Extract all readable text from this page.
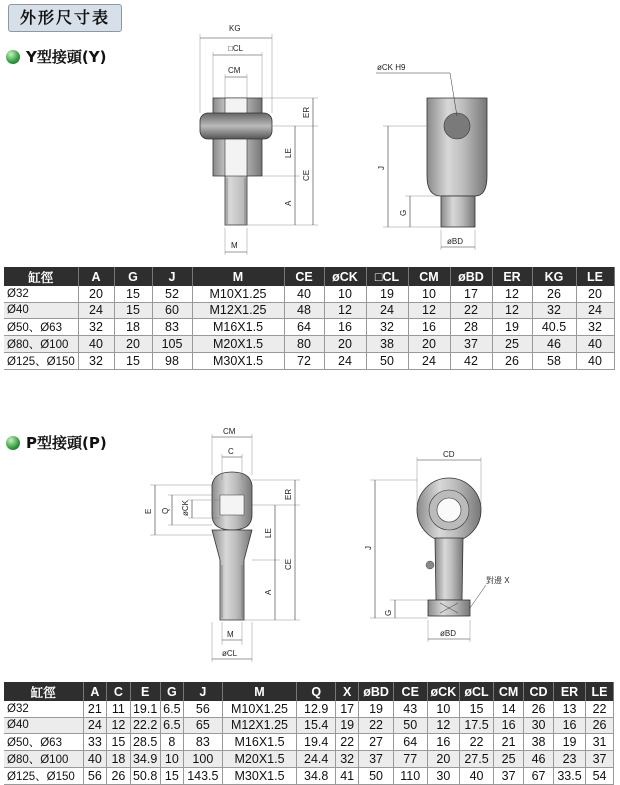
外形尺寸表
Y型接頭(Y)
KG
□CL
CM
M
ER
LE
CE
A
øCK H9
J
G
øBD
缸徑	A	G	J	M	CE	øCK	□CL	CM	øBD	ER	KG	LE
Ø32	20	15	52	M10X1.25	40	10	19	10	17	12	26	20
Ø40	24	15	60	M12X1.25	48	12	24	12	22	12	32	24
Ø50、Ø63	32	18	83	M16X1.5	64	16	32	16	28	19	40.5	32
Ø80、Ø100	40	20	105	M20X1.5	80	20	38	20	37	25	46	40
Ø125、Ø150	32	15	98	M30X1.5	72	24	50	24	42	26	58	40
P型接頭(P)
CM
C
E Q øCK
ER
LE
CE
A
M
øCL
CD
J
G
對邊 X
øBD
缸徑	A	C	E	G	J	M	Q	X	øBD	CE	øCK	øCL	CM	CD	ER	LE
Ø32	21	11	19.1	6.5	56	M10X1.25	12.9	17	19	43	10	15	14	26	13	22
Ø40	24	12	22.2	6.5	65	M12X1.25	15.4	19	22	50	12	17.5	16	30	16	26
Ø50、Ø63	33	15	28.5	8	83	M16X1.5	19.4	22	27	64	16	22	21	38	19	31
Ø80、Ø100	40	18	34.9	10	100	M20X1.5	24.4	32	37	77	20	27.5	25	46	23	37
Ø125、Ø150	56	26	50.8	15	143.5	M30X1.5	34.8	41	50	110	30	40	37	67	33.5	54
